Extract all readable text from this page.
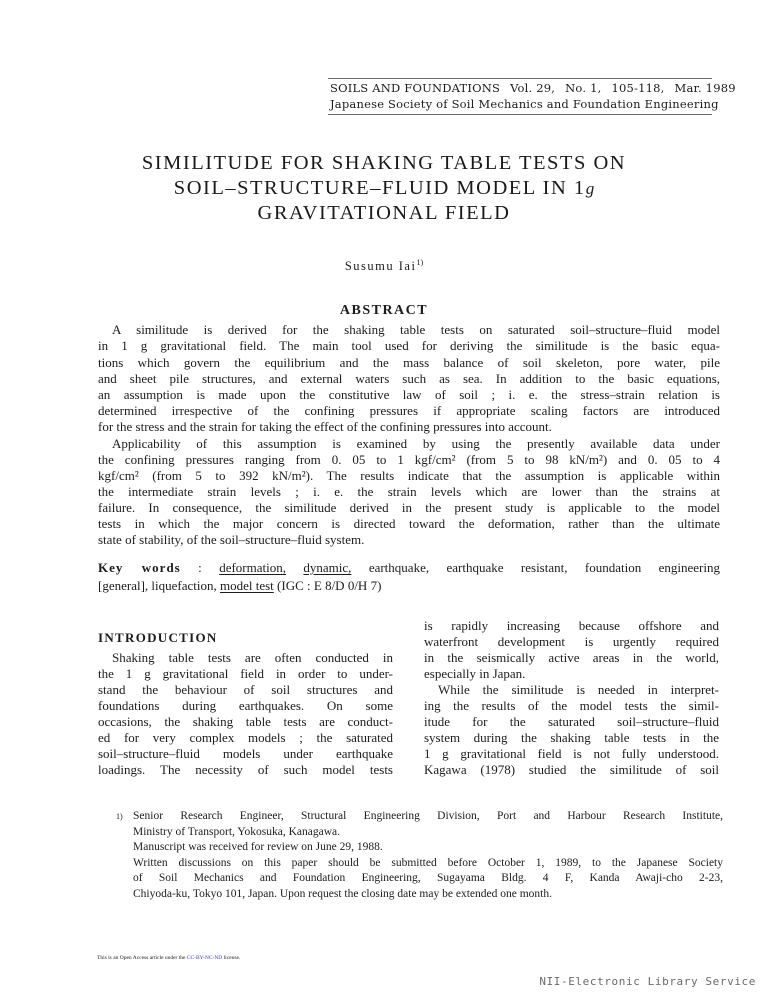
SOILS AND FOUNDATIONS Vol. 29, No. 1, 105-118, Mar. 1989
Japanese Society of Soil Mechanics and Foundation Engineering
SIMILITUDE FOR SHAKING TABLE TESTS ON
SOIL–STRUCTURE–FLUID MODEL IN 1g
GRAVITATIONAL FIELD
Susumu Iai$^{1)}$
ABSTRACT
A similitude is derived for the shaking table tests on saturated soil–structure–fluid model
in 1 g gravitational field. The main tool used for deriving the similitude is the basic equa-
tions which govern the equilibrium and the mass balance of soil skeleton, pore water, pile
and sheet pile structures, and external waters such as sea. In addition to the basic equations,
an assumption is made upon the constitutive law of soil ; i. e. the stress–strain relation is
determined irrespective of the confining pressures if appropriate scaling factors are introduced
for the stress and the strain for taking the effect of the confining pressures into account.
Applicability of this assumption is examined by using the presently available data under
the confining pressures ranging from 0. 05 to 1 kgf/cm² (from 5 to 98 kN/m²) and 0. 05 to 4
kgf/cm² (from 5 to 392 kN/m²). The results indicate that the assumption is applicable within
the intermediate strain levels ; i. e. the strain levels which are lower than the strains at
failure. In consequence, the similitude derived in the present study is applicable to the model
tests in which the major concern is directed toward the deformation, rather than the ultimate
state of stability, of the soil–structure–fluid system.
Key words : deformation, dynamic, earthquake, earthquake resistant, foundation engineering
[general], liquefaction, model test (IGC : E 8/D 0/H 7)
INTRODUCTION
Shaking table tests are often conducted in
the 1 g gravitational field in order to under-
stand the behaviour of soil structures and
foundations during earthquakes. On some
occasions, the shaking table tests are conduct-
ed for very complex models ; the saturated
soil–structure–fluid models under earthquake
loadings. The necessity of such model tests
is rapidly increasing because offshore and
waterfront development is urgently required
in the seismically active areas in the world,
especially in Japan.
While the similitude is needed in interpret-
ing the results of the model tests the simil-
itude for the saturated soil–structure–fluid
system during the shaking table tests in the
1 g gravitational field is not fully understood.
Kagawa (1978) studied the similitude of soil
1) Senior Research Engineer, Structural Engineering Division, Port and Harbour Research Institute,
Ministry of Transport, Yokosuka, Kanagawa.
Manuscript was received for review on June 29, 1988.
Written discussions on this paper should be submitted before October 1, 1989, to the Japanese Society
of Soil Mechanics and Foundation Engineering, Sugayama Bldg. 4 F, Kanda Awaji-cho 2-23,
Chiyoda-ku, Tokyo 101, Japan. Upon request the closing date may be extended one month.
This is an Open Access article under the CC-BY-NC-ND license.
NII-Electronic Library Service
